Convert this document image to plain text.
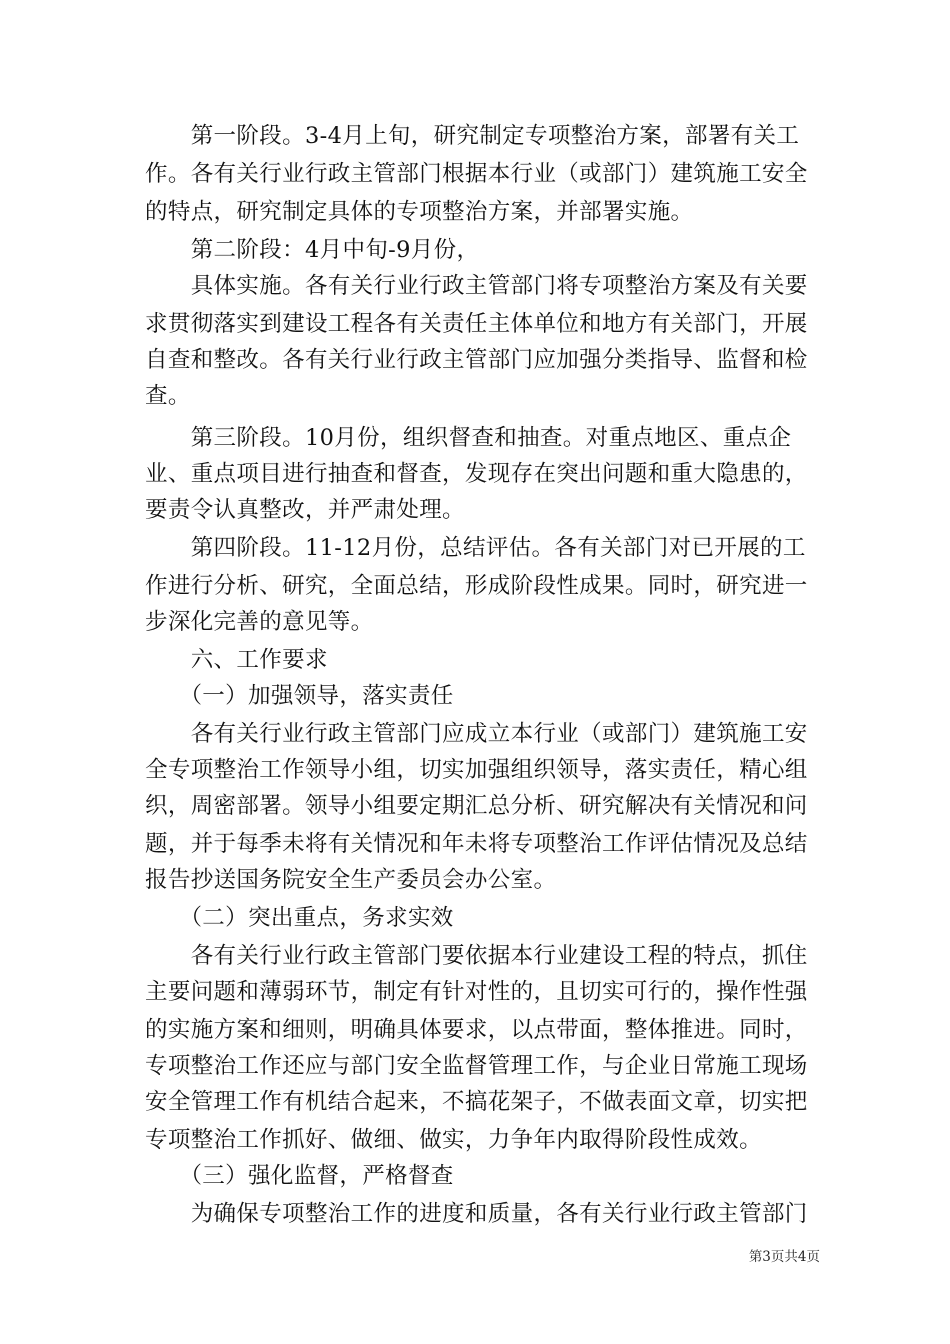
　　第一阶段。3-4月上旬，研究制定专项整治方案，部署有关工
作。各有关行业行政主管部门根据本行业（或部门）建筑施工安全
的特点，研究制定具体的专项整治方案，并部署实施。
　　第二阶段：4月中旬-9月份，
　　具体实施。各有关行业行政主管部门将专项整治方案及有关要
求贯彻落实到建设工程各有关责任主体单位和地方有关部门，开展
自查和整改。各有关行业行政主管部门应加强分类指导、监督和检
查。
　　第三阶段。10月份，组织督查和抽查。对重点地区、重点企
业、重点项目进行抽查和督查，发现存在突出问题和重大隐患的，
要责令认真整改，并严肃处理。
　　第四阶段。11-12月份，总结评估。各有关部门对已开展的工
作进行分析、研究，全面总结，形成阶段性成果。同时，研究进一
步深化完善的意见等。
　　六、工作要求
　　（一）加强领导，落实责任
　　各有关行业行政主管部门应成立本行业（或部门）建筑施工安
全专项整治工作领导小组，切实加强组织领导，落实责任，精心组
织，周密部署。领导小组要定期汇总分析、研究解决有关情况和问
题，并于每季未将有关情况和年未将专项整治工作评估情况及总结
报告抄送国务院安全生产委员会办公室。
　　（二）突出重点，务求实效
　　各有关行业行政主管部门要依据本行业建设工程的特点，抓住
主要问题和薄弱环节，制定有针对性的，且切实可行的，操作性强
的实施方案和细则，明确具体要求，以点带面，整体推进。同时，
专项整治工作还应与部门安全监督管理工作，与企业日常施工现场
安全管理工作有机结合起来，不搞花架子，不做表面文章，切实把
专项整治工作抓好、做细、做实，力争年内取得阶段性成效。
　　（三）强化监督，严格督查
　　为确保专项整治工作的进度和质量，各有关行业行政主管部门
第3页共4页
